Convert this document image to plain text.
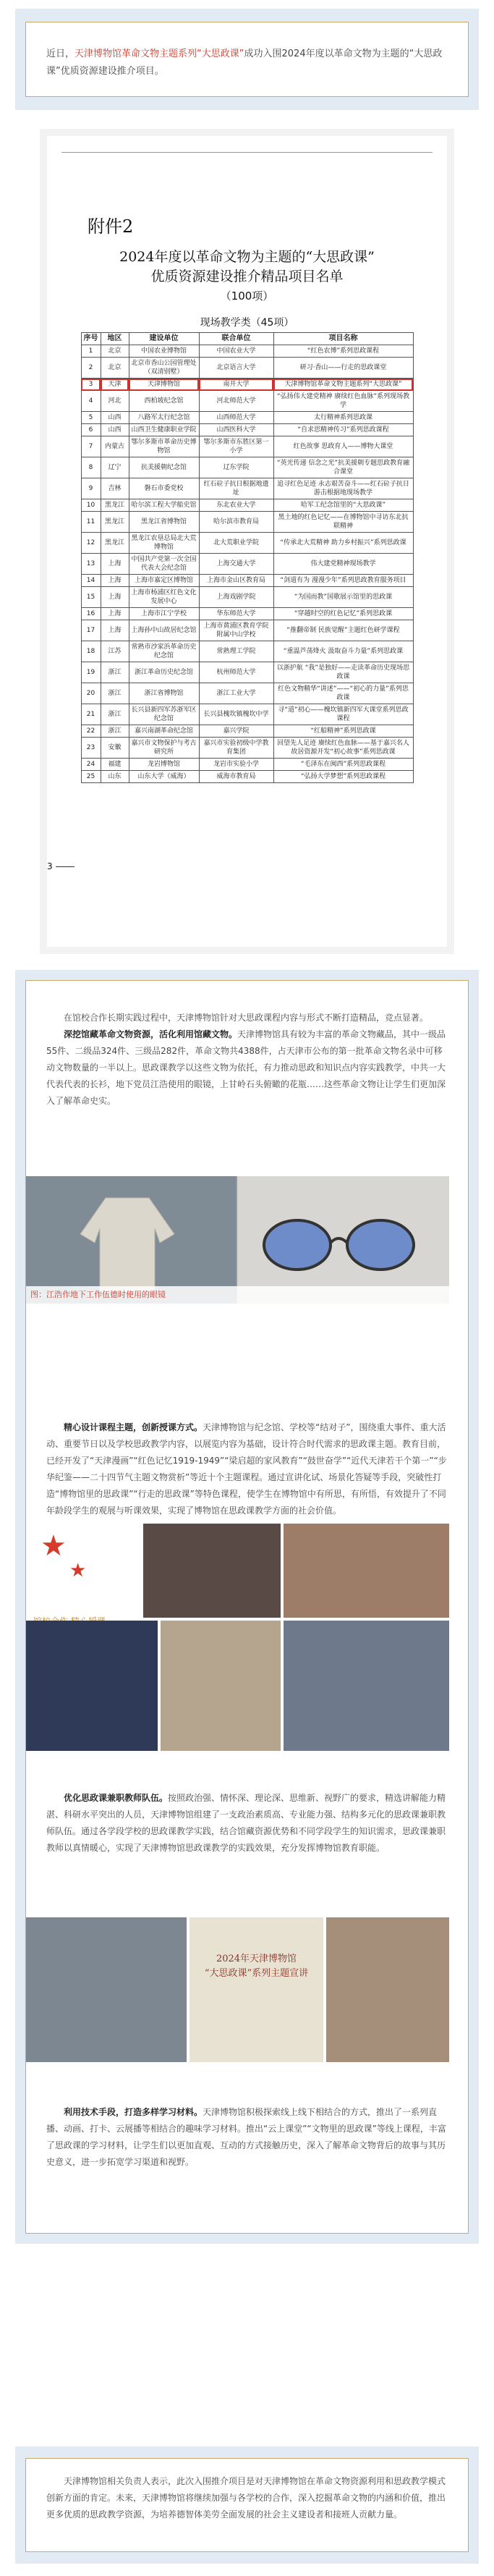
近日，天津博物馆革命文物主题系列“大思政课”成功入围2024年度以革命文物为主题的“大思政课”优质资源建设推介项目。
附件2
2024年度以革命文物为主题的“大思政课”
优质资源建设推介精品项目名单
（100项）
现场教学类（45项）
序号	地区	建设单位	联合单位	项目名称
1	北京	中国农业博物馆	中国农业大学	“红色农博”系列思政课程
2	北京	北京市香山公园管理处（双清别墅）	北京语言大学	研习·香山——行走的思政课堂
3	天津	天津博物馆	南开大学	天津博物馆革命文物主题系列“大思政课”
4	河北	西柏坡纪念馆	河北师范大学	“弘扬伟大建党精神 赓续红色血脉”系列现场教学
5	山西	八路军太行纪念馆	山西师范大学	太行精神系列思政课
6	山西	山西卫生健康职业学院	山西医科大学	“自求思精神传习”系列思政课程
7	内蒙古	鄂尔多斯市革命历史博物馆	鄂尔多斯市东胜区第一小学	红色故事 思政育人——博物大课堂
8	辽宁	抗美援朝纪念馆	辽东学院	“英光传递 信念之光”抗美援朝专题思政教育融合课堂
9	吉林	磐石市委党校	红石砬子抗日根据地遗址	追寻红色足迹 永志艰苦奋斗——红石砬子抗日游击根据地现场教学
10	黑龙江	哈尔滨工程大学船史馆	东北农业大学	哈军工纪念馆里的“大思政课”
11	黑龙江	黑龙江省博物馆	哈尔滨市教育局	黑土地的红色记忆——在博物馆中寻访东北抗联精神
12	黑龙江	黑龙江农垦总局北大荒博物馆	北大荒职业学院	“传承北大荒精神 助力乡村振兴”系列思政课
13	上海	中国共产党第一次全国代表大会纪念馆	上海交通大学	伟大建党精神现场教学
14	上海	上海市嘉定区博物馆	上海市金山区教育局	“剑道有为 漫漫少年”系列思政教育服务项目
15	上海	上海市杨浦区红色文化发展中心	上海戏剧学院	“为国而教”国歌展示馆里的思政课
16	上海	上海市江宁学校	华东师范大学	“穿越时空的红色记忆”系列思政课
17	上海	上海孙中山故居纪念馆	上海市黄浦区教育学院附属中山学校	“推翻帝制 民族觉醒”主题红色研学课程
18	江苏	常熟市沙家浜革命历史纪念馆	常熟理工学院	“重温芦荡烽火 汲取奋斗力量”系列思政课
19	浙江	浙江革命历史纪念馆	杭州师范大学	以浙护航 “我”是独好——走读革命历史现场思政课
20	浙江	浙江省博物馆	浙江工业大学	红色文物精华“讲述”——“初心的力量”系列思政课
21	浙江	长兴县新四军苏浙军区纪念馆	长兴县槐坎镇槐坎中学	寻“道”初心——槐坎镇新四军大课堂系列思政课程
22	浙江	嘉兴南湖革命纪念馆	嘉兴学院	“红船精神”系列思政课
23	安徽	嘉兴市文物保护与考古研究所	嘉兴市实验初级中学教育集团	回望先人足迹 赓续红色血脉——基于嘉兴名人故居资源开发“初心故事”系列思政课
24	福建	龙岩博物馆	龙岩市实验小学	“毛泽东在闽西”系列思政课程
25	山东	山东大学（威海）	威海市教育局	“弘扬大学梦想”系列思政课程
3

在馆校合作长期实践过程中，天津博物馆针对大思政课程内容与形式不断打造精品，竞点显著。

深挖馆藏革命文物资源，活化利用馆藏文物。天津博物馆具有较为丰富的革命文物藏品，其中一级品55件、二级品324件、三级品282件，革命文物共4388件，占天津市公布的第一批革命文物名录中可移动文物数量的一半以上。思政课教学以这些文物为依托，有力推动思政和知识点内容实践教学，中共一大代表代表的长衫，地下党员江浩使用的眼镜，上甘岭石头俯瞰的花瓶……这些革命文物让让学生们更加深入了解革命史实。

图：江浩作地下工作伍德时使用的眼镜

精心设计课程主题，创新授课方式。天津博物馆与纪念馆、学校等“结对子”，围绕重大事件、重大活动、重要节日以及学校思政教学内容，以展览内容为基础，设计符合时代需求的思政课主题。教育目前，已经开发了“天津漫画”“红色记忆1919-1949”“梁启超的家风教育”“鼓世奋学”“近代天津若干个第一”“步华纪鉴——二十四节气主题文物赏析”等近十个主题课程。通过宣讲化试、场景化答疑等手段，突破性打造“博物馆里的思政课”“行走的思政课”等特色课程，使学生在博物馆中有所思，有所悟，有效提升了不同年龄段学生的观展与听课效果，实现了博物馆在思政课教学方面的社会价值。

★
★

优化思政课兼职教师队伍。按照政治强、情怀深、理论深、思维新、视野广的要求，精选讲解能力精湛、科研水平突出的人员，天津博物馆组建了一支政治素质高、专业能力强、结构多元化的思政课兼职教师队伍。通过各学段学校的思政课教学实践，结合馆藏资源优势和不同学段学生的知识需求，思政课兼职教师以真情暖心，实现了天津博物馆思政课教学的实践效果，充分发挥博物馆教育职能。

2024年天津博物馆
“大思政课”系列主题宣讲

利用技术手段，打造多样学习材料。天津博物馆积极探索线上线下相结合的方式，推出了一系列直播、动画、打卡、云展播等相结合的趣味学习材料。推出“云上课堂”“文物里的思政课”等线上课程，丰富了思政课的学习材料，让学生们以更加直观、互动的方式接触历史，深入了解革命文物背后的故事与其历史意义，进一步拓宽学习渠道和视野。

天津博物馆相关负责人表示，此次入围推介项目是对天津博物馆在革命文物资源利用和思政教学模式创新方面的肯定。未来，天津博物馆将继续加强与各学校的合作，深入挖掘革命文物的内涵和价值，推出更多优质的思政教学资源，为培养德智体美劳全面发展的社会主义建设者和接班人贡献力量。
